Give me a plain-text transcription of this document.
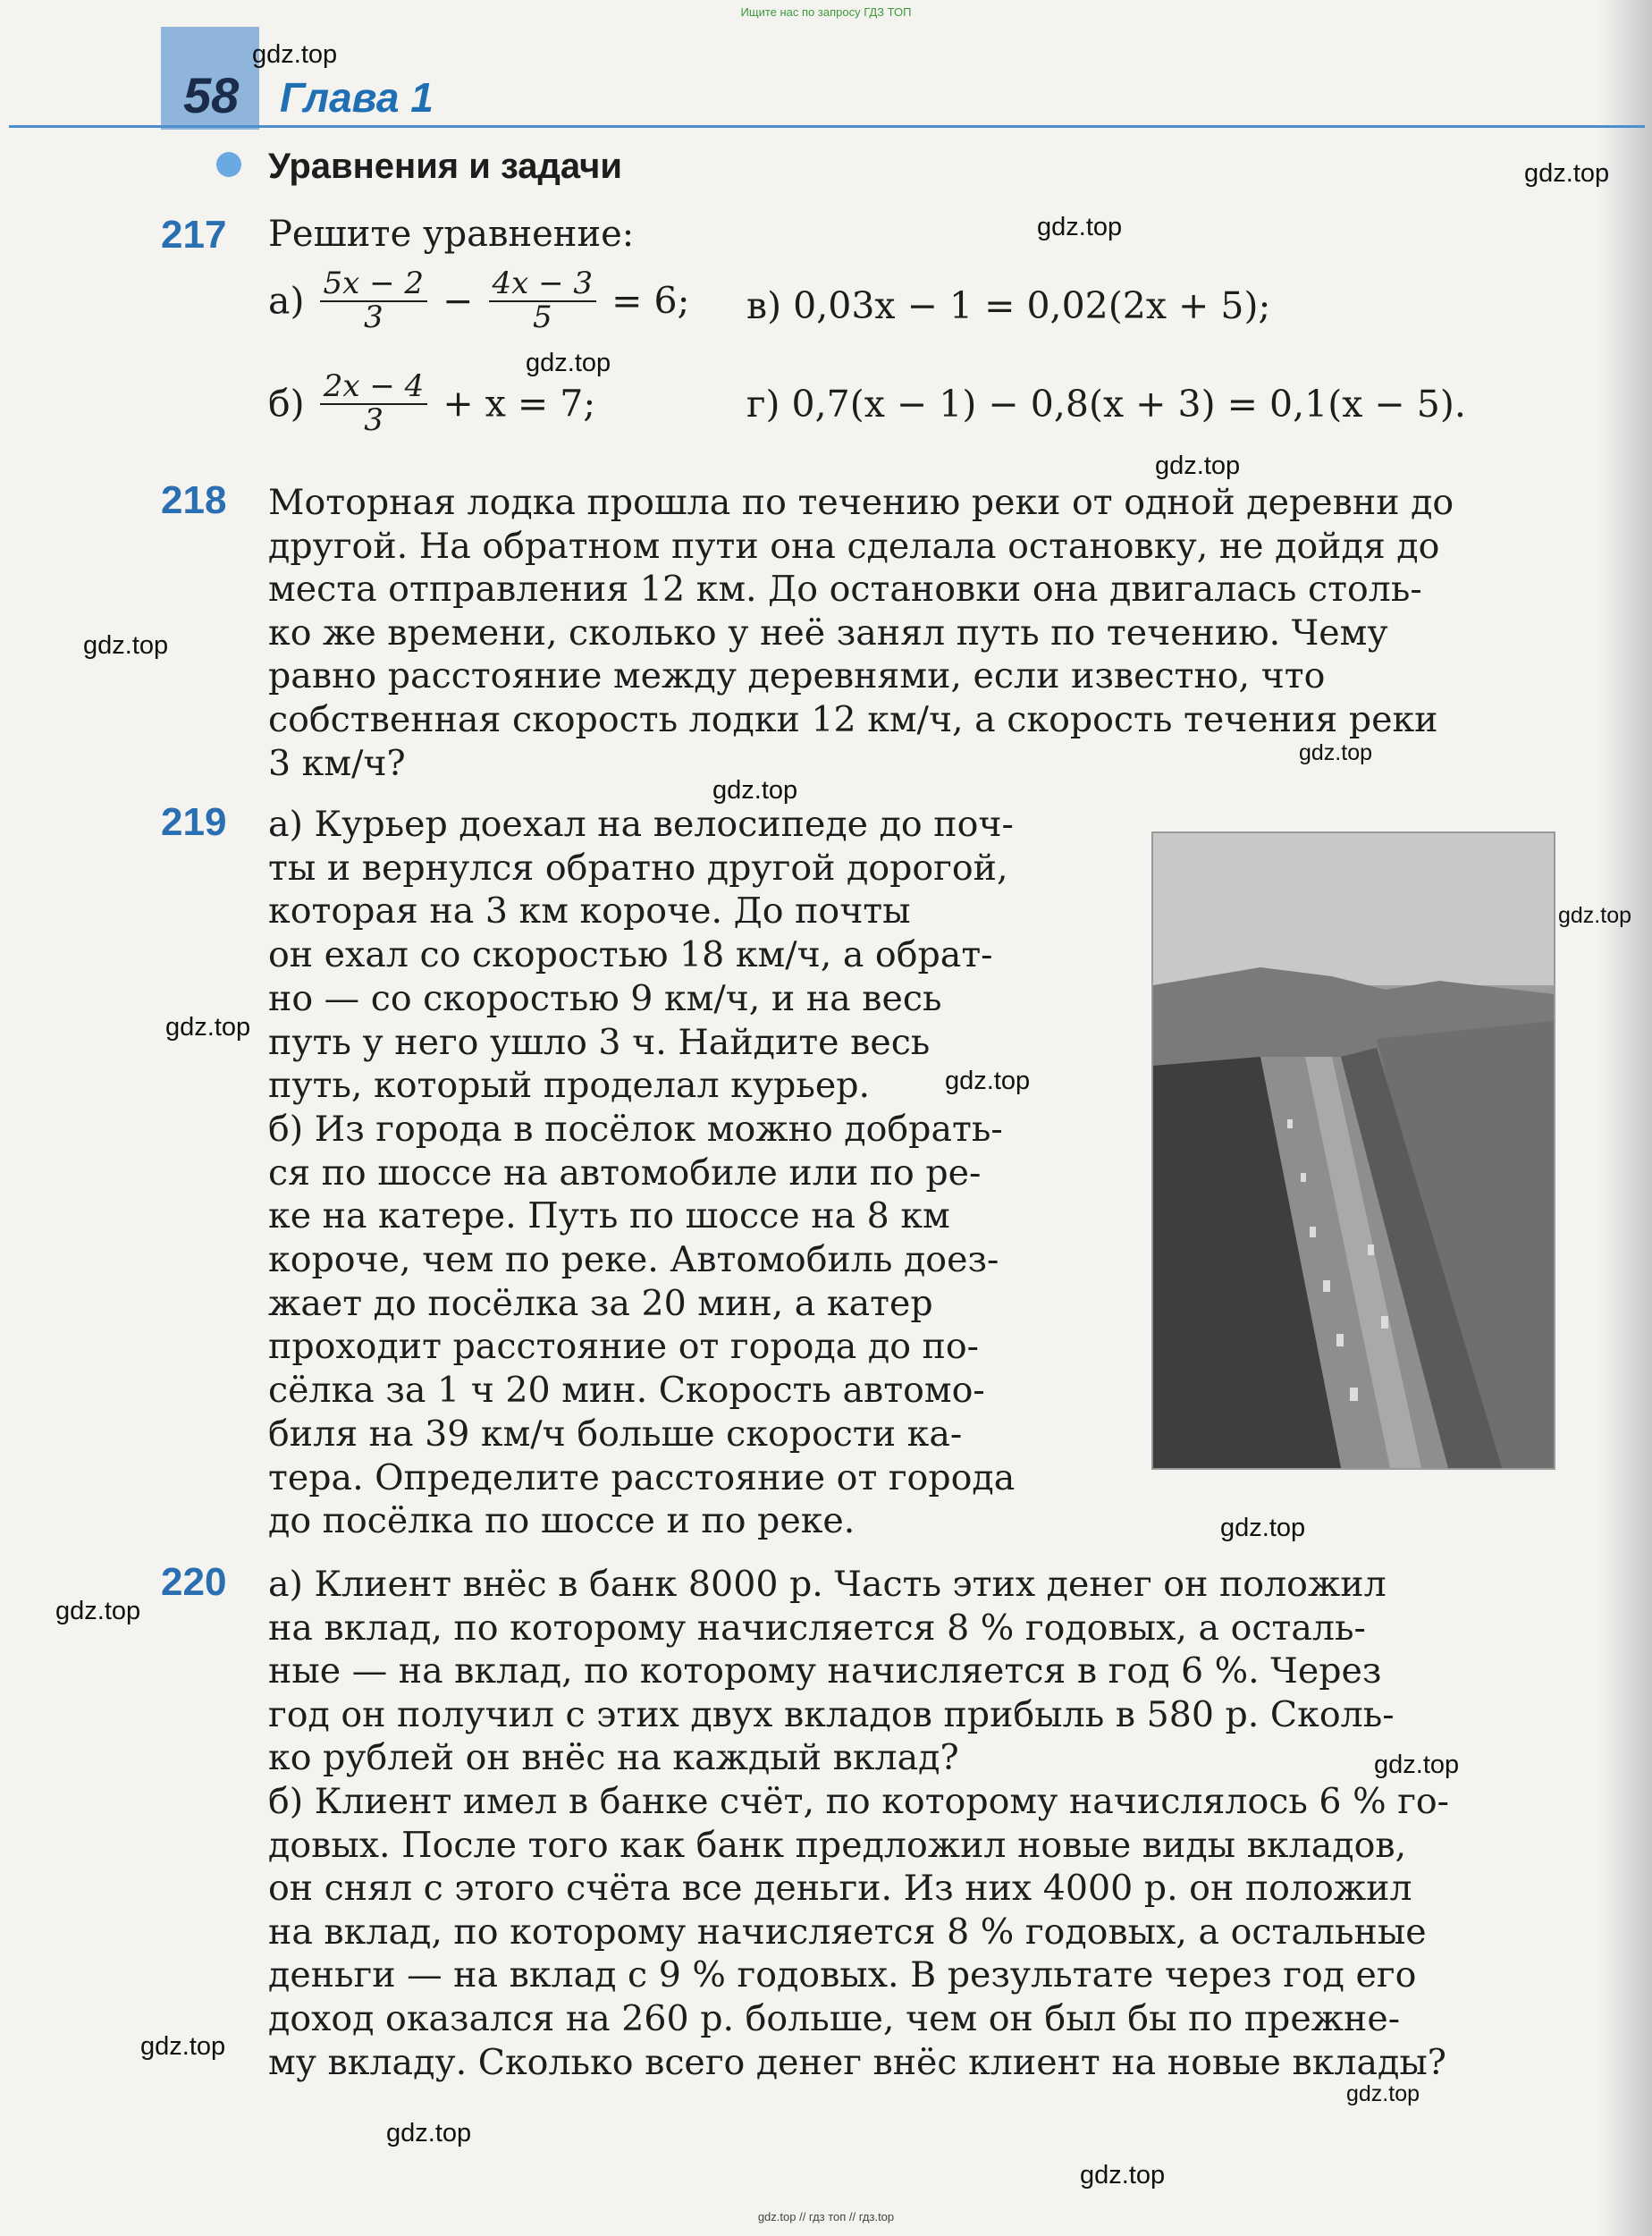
Ищите нас по запросу ГДЗ ТОП
58 Глава 1
Уравнения и задачи
217 Решите уравнение:
$а) \frac{5x - 2}{3} - \frac{4x - 3}{5} = 6$; в) 0,03x − 1 = 0,02(2x + 5);
$б) \frac{2x - 4}{3} + x = 7$;	г) 0,7(x − 1) − 0,8(x + 3) = 0,1(x − 5).
218 Моторная лодка прошла по течению реки от одной деревни до
другой. На обратном пути она сделала остановку, не дойдя до
места отправления 12 км. До остановки она двигалась столь-
ко же времени, сколько у неё занял путь по течению. Чему
равно расстояние между деревнями, если известно, что
собственная скорость лодки 12 км/ч, а скорость течения реки
3 км/ч?
219 а) Курьер доехал на велосипеде до поч-
ты и вернулся обратно другой дорогой,
которая на 3 км короче. До почты
он ехал со скоростью 18 км/ч, а обрат-
но — со скоростью 9 км/ч, и на весь
путь у него ушло 3 ч. Найдите весь
путь, который проделал курьер.
б) Из города в посёлок можно добрать-
ся по шоссе на автомобиле или по ре-
ке на катере. Путь по шоссе на 8 км
короче, чем по реке. Автомобиль доез-
жает до посёлка за 20 мин, а катер
проходит расстояние от города до по-
сёлка за 1 ч 20 мин. Скорость автомо-
биля на 39 км/ч больше скорости ка-
тера. Определите расстояние от города
до посёлка по шоссе и по реке.
220 а) Клиент внёс в банк 8000 р. Часть этих денег он положил
на вклад, по которому начисляется 8 % годовых, а осталь-
ные — на вклад, по которому начисляется в год 6 %. Через
год он получил с этих двух вкладов прибыль в 580 р. Сколь-
ко рублей он внёс на каждый вклад?
б) Клиент имел в банке счёт, по которому начислялось 6 % го-
довых. После того как банк предложил новые виды вкладов,
он снял с этого счёта все деньги. Из них 4000 р. он положил
на вклад, по которому начисляется 8 % годовых, а остальные
деньги — на вклад с 9 % годовых. В результате через год его
доход оказался на 260 р. больше, чем он был бы по прежне-
му вкладу. Сколько всего денег внёс клиент на новые вклады?
gdz.top
gdz.top
gdz.top
gdz.top
gdz.top
gdz.top
gdz.top
gdz.top
gdz.top
gdz.top
gdz.top
gdz.top
gdz.top
gdz.top
gdz.top
gdz.top
gdz.top
gdz.top
gdz.top // гдз топ // гдз.top
